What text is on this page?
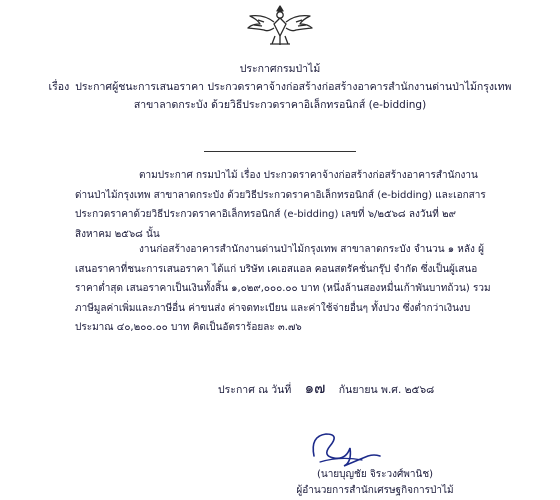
ประกาศกรมป่าไม้
เรื่อง ประกาศผู้ชนะการเสนอราคา ประกวดราคาจ้างก่อสร้างก่อสร้างอาคารสำนักงานด่านป่าไม้กรุงเทพ
สาขาลาดกระบัง ด้วยวิธีประกวดราคาอิเล็กทรอนิกส์ (e-bidding)
ตามประกาศ กรมป่าไม้ เรื่อง ประกวดราคาจ้างก่อสร้างก่อสร้างอาคารสำนักงานด่านป่าไม้กรุงเทพ สาขาลาดกระบัง ด้วยวิธีประกวดราคาอิเล็กทรอนิกส์ (e-bidding) และเอกสารประกวดราคาด้วยวิธีประกวดราคาอิเล็กทรอนิกส์ (e-bidding) เลขที่ ๖/๒๕๖๘ ลงวันที่ ๒๙ สิงหาคม ๒๕๖๘ นั้น
งานก่อสร้างอาคารสำนักงานด่านป่าไม้กรุงเทพ สาขาลาดกระบัง จำนวน ๑ หลัง ผู้เสนอราคาที่ชนะการเสนอราคา ได้แก่ บริษัท เคเอสแอล คอนสตรัคชั่นกรุ๊ป จำกัด ซึ่งเป็นผู้เสนอราคาต่ำสุด เสนอราคาเป็นเงินทั้งสิ้น ๑,๐๒๙,๐๐๐.๐๐ บาท (หนึ่งล้านสองหมื่นเก้าพันบาทถ้วน) รวมภาษีมูลค่าเพิ่มและภาษีอื่น ค่าขนส่ง ค่าจดทะเบียน และค่าใช้จ่ายอื่นๆ ทั้งปวง ซึ่งต่ำกว่าเงินงบประมาณ ๔๐,๒๐๐.๐๐ บาท คิดเป็นอัตราร้อยละ ๓.๗๖
ประกาศ ณ วันที่ ๑๗ กันยายน พ.ศ. ๒๕๖๘
(นายบุญชัย จิระวงศ์พานิช)
ผู้อำนวยการสำนักเศรษฐกิจการป่าไม้
